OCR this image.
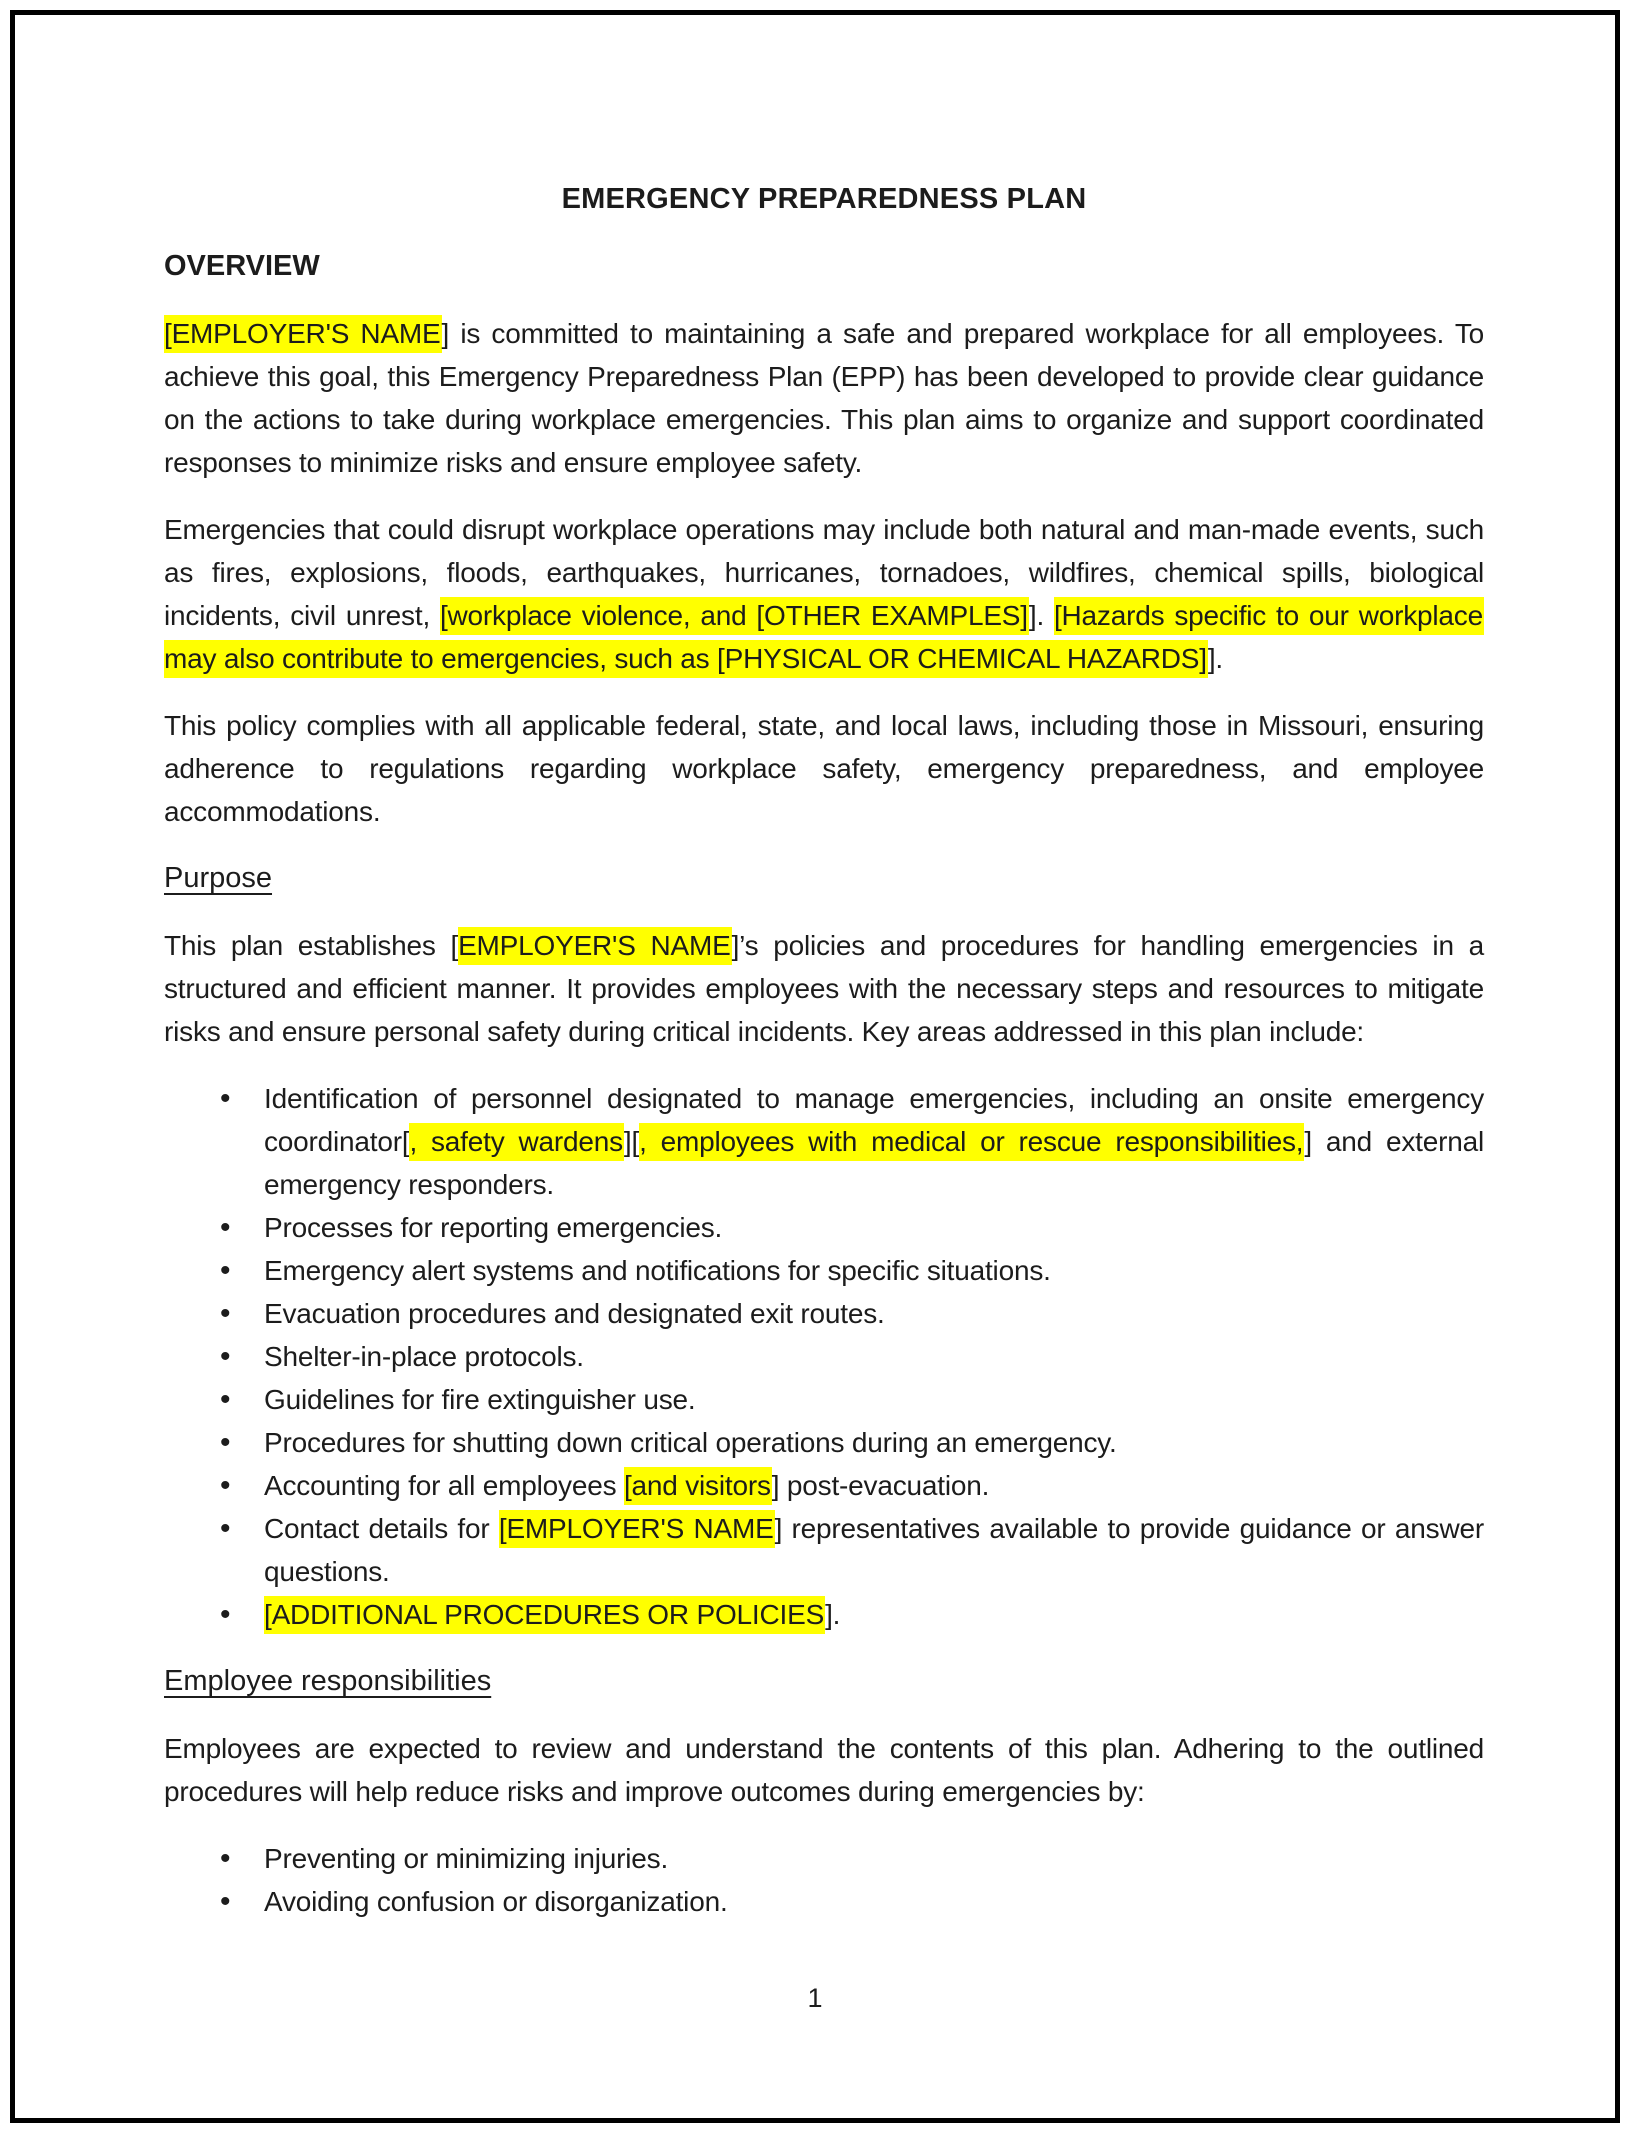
EMERGENCY PREPAREDNESS PLAN
OVERVIEW

[EMPLOYER'S NAME] is committed to maintaining a safe and prepared workplace for all employees. To achieve this goal, this Emergency Preparedness Plan (EPP) has been developed to provide clear guidance on the actions to take during workplace emergencies. This plan aims to organize and support coordinated responses to minimize risks and ensure employee safety.

Emergencies that could disrupt workplace operations may include both natural and man-made events, such as fires, explosions, floods, earthquakes, hurricanes, tornadoes, wildfires, chemical spills, biological incidents, civil unrest, [workplace violence, and [OTHER EXAMPLES]]. [Hazards specific to our workplace may also contribute to emergencies, such as [PHYSICAL OR CHEMICAL HAZARDS]].

This policy complies with all applicable federal, state, and local laws, including those in Missouri, ensuring adherence to regulations regarding workplace safety, emergency preparedness, and employee accommodations.

Purpose

This plan establishes [EMPLOYER'S NAME]’s policies and procedures for handling emergencies in a structured and efficient manner. It provides employees with the necessary steps and resources to mitigate risks and ensure personal safety during critical incidents. Key areas addressed in this plan include:

• Identification of personnel designated to manage emergencies, including an onsite emergency coordinator[, safety wardens][, employees with medical or rescue responsibilities,] and external emergency responders.
• Processes for reporting emergencies.
• Emergency alert systems and notifications for specific situations.
• Evacuation procedures and designated exit routes.
• Shelter-in-place protocols.
• Guidelines for fire extinguisher use.
• Procedures for shutting down critical operations during an emergency.
• Accounting for all employees [and visitors] post-evacuation.
• Contact details for [EMPLOYER'S NAME] representatives available to provide guidance or answer questions.
• [ADDITIONAL PROCEDURES OR POLICIES].
Employee responsibilities

Employees are expected to review and understand the contents of this plan. Adhering to the outlined procedures will help reduce risks and improve outcomes during emergencies by:

• Preventing or minimizing injuries.
• Avoiding confusion or disorganization.
1
